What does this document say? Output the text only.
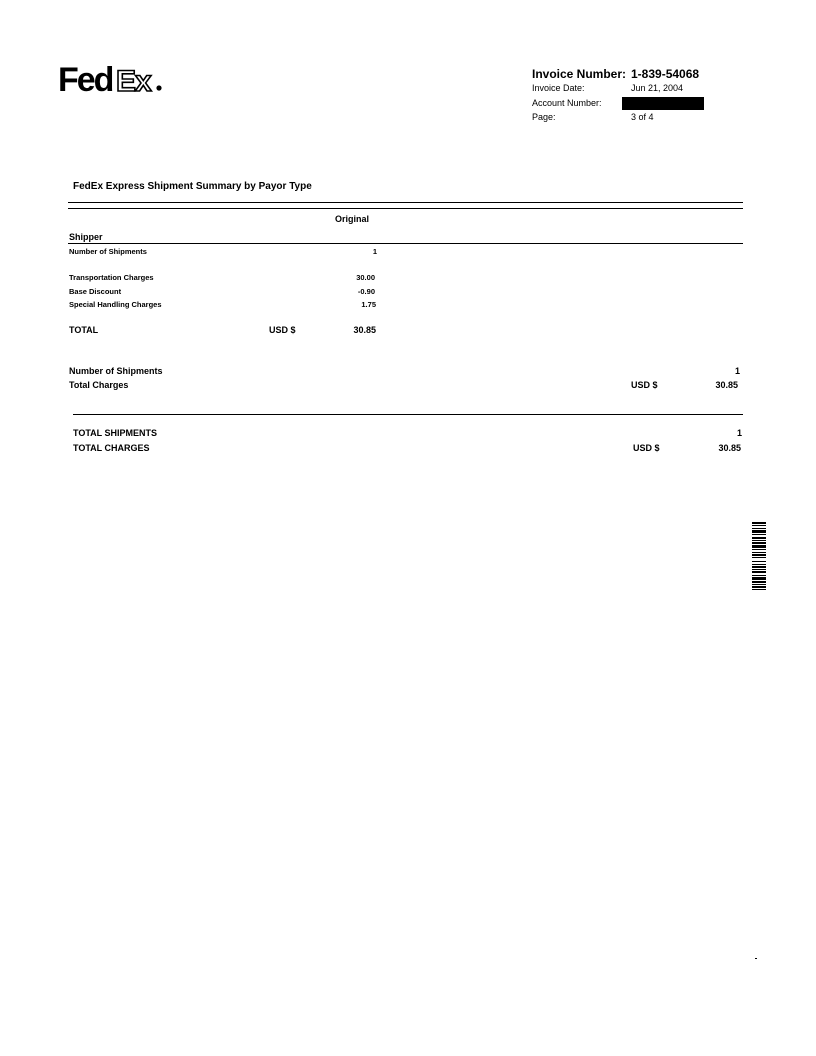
Fed Ex	Invoice Number: 1-839-54068
Invoice Date:	Jun 21, 2004
Account Number:
Page:	3 of 4
FedEx Express Shipment Summary by Payor Type
Original
Shipper
Number of Shipments	1
Transportation Charges	30.00
Base Discount	-0.90
Special Handling Charges	1.75
TOTAL	USD $	30.85
Number of Shipments	1
Total Charges	USD $	30.85
TOTAL SHIPMENTS	1
TOTAL CHARGES	USD $	30.85
